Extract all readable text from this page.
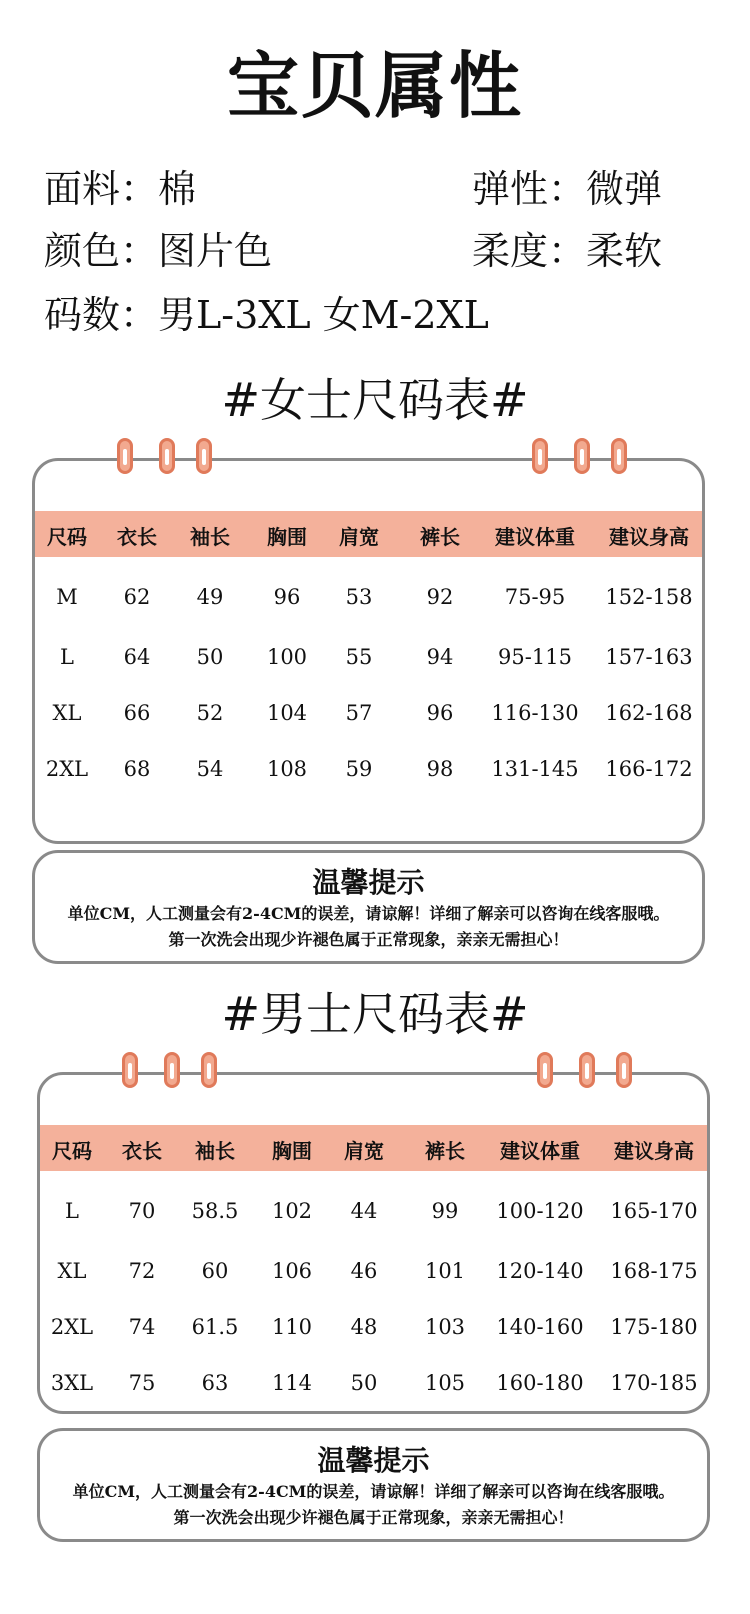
宝贝属性
面料：棉	弹性：微弹
颜色：图片色	柔度：柔软
码数：男L-3XL 女M-2XL
#女士尺码表#
尺码	衣长	袖长	胸围	肩宽	裤长	建议体重 建议身高
M	62	49	96	53	92	75-95	152-158
L	64	50	100	55	94	95-115	157-163
XL	66	52	104	57	96	116-130 162-168
2XL	68	54	108	59	98	131-145 166-172
温馨提示
单位CM，人工测量会有2-4CM的误差，请谅解！详细了解亲可以咨询在线客服哦。
第一次洗会出现少许褪色属于正常现象，亲亲无需担心！
#男士尺码表#
尺码	衣长	袖长	胸围	肩宽	裤长	建议体重 建议身高
L	70	58.5	102	44	99	100-120 165-170
XL	72	60	106	46	101	120-140 168-175
2XL	74	61.5	110	48	103	140-160 175-180
3XL	75	63	114	50	105	160-180 170-185
温馨提示
单位CM，人工测量会有2-4CM的误差，请谅解！详细了解亲可以咨询在线客服哦。
第一次洗会出现少许褪色属于正常现象，亲亲无需担心！
